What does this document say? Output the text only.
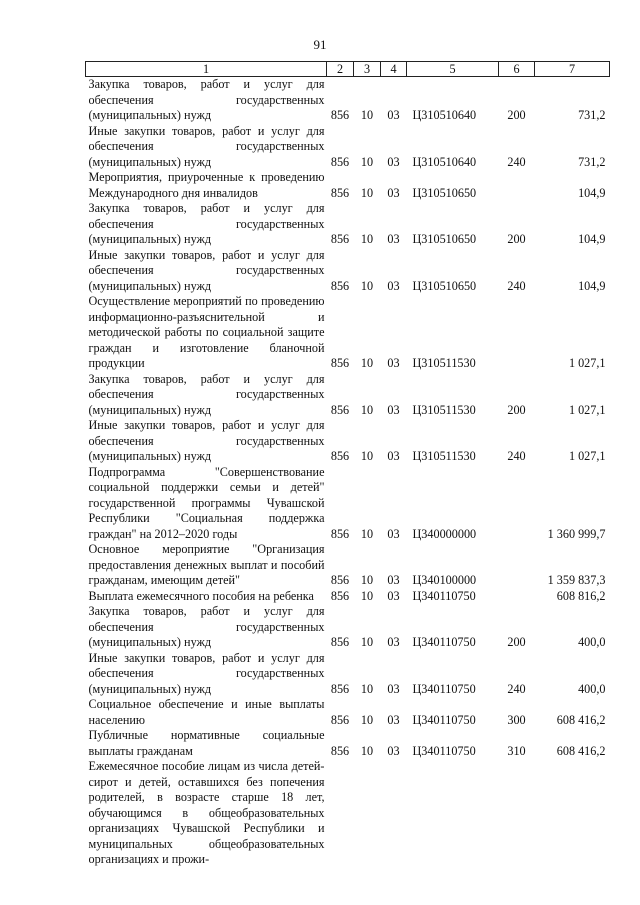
91
1	2	3	4	5	6	7
Закупка товаров, работ и услуг для обеспечения государственных (муниципальных) нужд	856	10	03	Ц310510640	200	731,2
Иные закупки товаров, работ и услуг для обеспечения государственных (муниципальных) нужд	856	10	03	Ц310510640	240	731,2
Мероприятия, приуроченные к проведению Международного дня инвалидов	856	10	03	Ц310510650		104,9
Закупка товаров, работ и услуг для обеспечения государственных (муниципальных) нужд	856	10	03	Ц310510650	200	104,9
Иные закупки товаров, работ и услуг для обеспечения государственных (муниципальных) нужд	856	10	03	Ц310510650	240	104,9
Осуществление мероприятий по проведению информационно-разъяснительной и методической работы по социальной защите граждан и изготовление бланочной продукции	856	10	03	Ц310511530		1 027,1
Закупка товаров, работ и услуг для обеспечения государственных (муниципальных) нужд	856	10	03	Ц310511530	200	1 027,1
Иные закупки товаров, работ и услуг для обеспечения государственных (муниципальных) нужд	856	10	03	Ц310511530	240	1 027,1
Подпрограмма "Совершенствование социальной поддержки семьи и детей" государственной программы Чувашской Республики "Социальная поддержка граждан" на 2012–2020 годы	856	10	03	Ц340000000		1 360 999,7
Основное мероприятие "Организация предоставления денежных выплат и пособий гражданам, имеющим детей"	856	10	03	Ц340100000		1 359 837,3
Выплата ежемесячного пособия на ребенка	856	10	03	Ц340110750		608 816,2
Закупка товаров, работ и услуг для обеспечения государственных (муниципальных) нужд	856	10	03	Ц340110750	200	400,0
Иные закупки товаров, работ и услуг для обеспечения государственных (муниципальных) нужд	856	10	03	Ц340110750	240	400,0
Социальное обеспечение и иные выплаты населению	856	10	03	Ц340110750	300	608 416,2
Публичные нормативные социальные выплаты гражданам	856	10	03	Ц340110750	310	608 416,2
Ежемесячное пособие лицам из числа детей-сирот и детей, оставшихся без попечения родителей, в возрасте старше 18 лет, обучающимся в общеобразовательных организациях Чувашской Республики и муниципальных общеобразовательных организациях и прожи-						
